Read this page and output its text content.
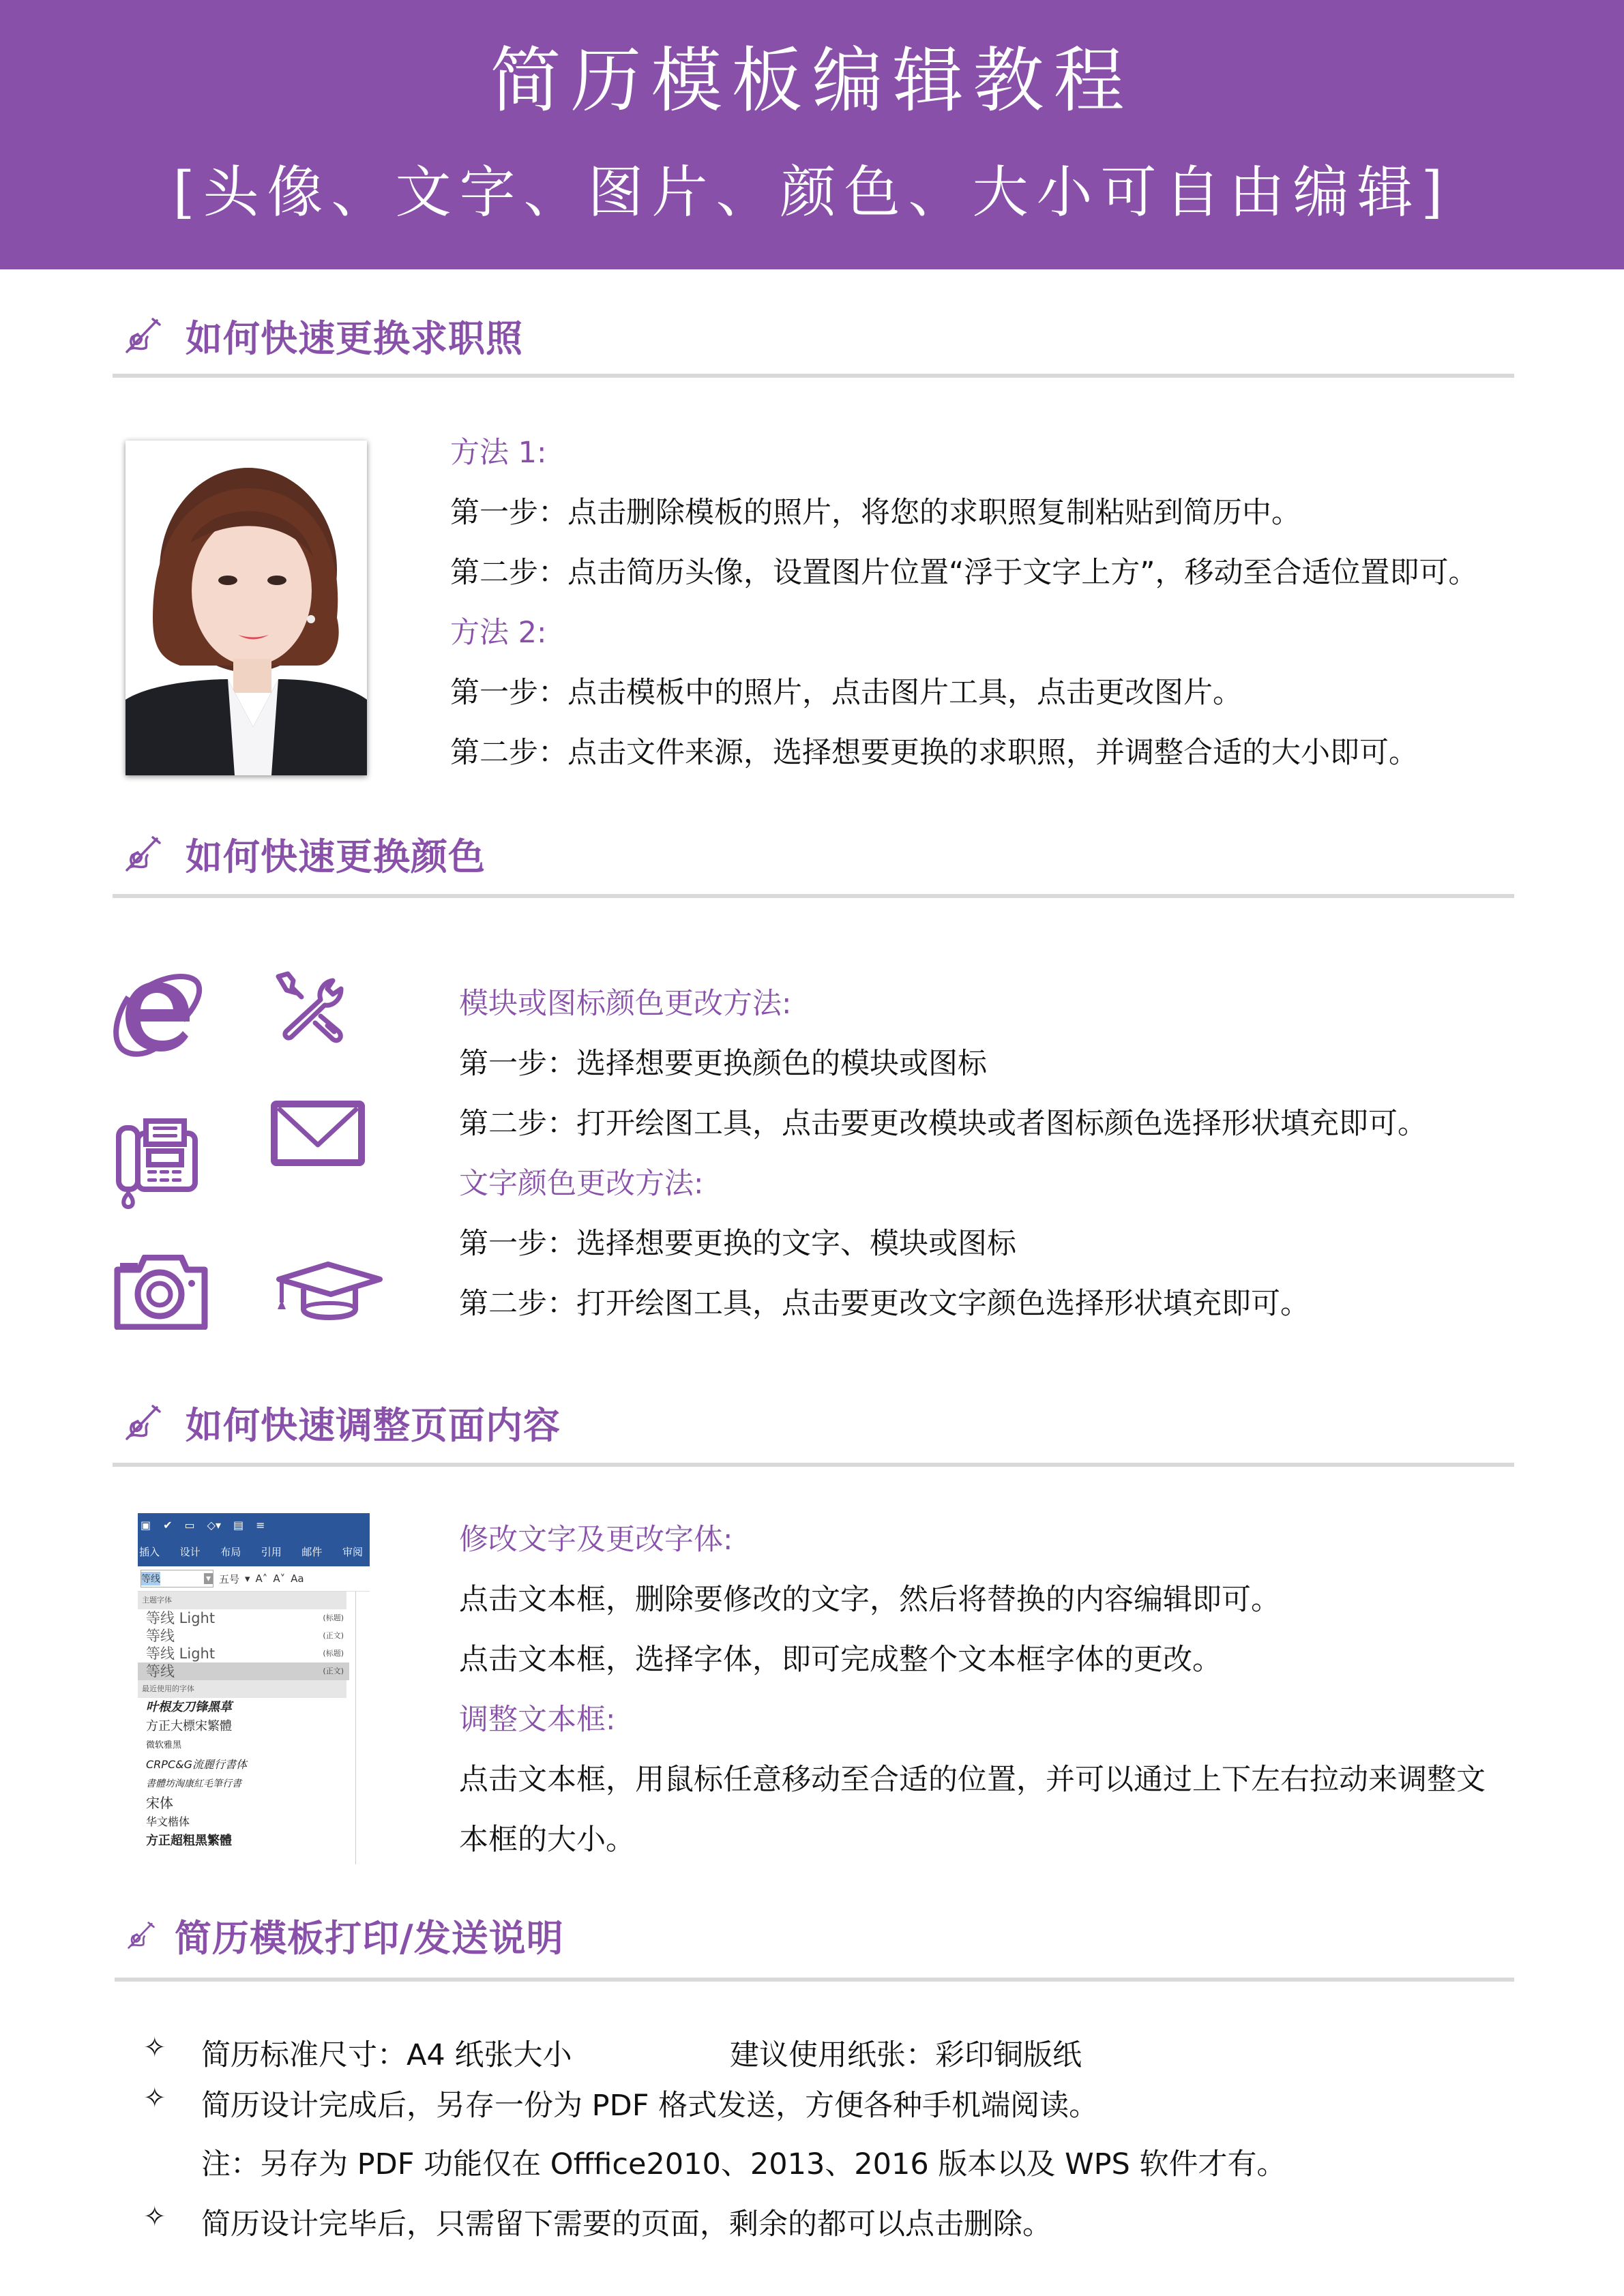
简历模板编辑教程
[头像、文字、图片、颜色、大小可自由编辑]
如何快速更换求职照
方法 1:
第一步：点击删除模板的照片，将您的求职照复制粘贴到简历中。
第二步：点击简历头像，设置图片位置“浮于文字上方”，移动至合适位置即可。
方法 2:
第一步：点击模板中的照片，点击图片工具，点击更改图片。
第二步：点击文件来源，选择想要更换的求职照，并调整合适的大小即可。
如何快速更换颜色
模块或图标颜色更改方法:
第一步：选择想要更换颜色的模块或图标
第二步：打开绘图工具，点击要更改模块或者图标颜色选择形状填充即可。
文字颜色更改方法:
第一步：选择想要更换的文字、模块或图标
第二步：打开绘图工具，点击要更改文字颜色选择形状填充即可。
如何快速调整页面内容
▣ ✔ ▭ ◇▾ ▤ ≡
插入 设计 布局 引用 邮件 审阅
等线	▾ 五号 ▾ A˄ A˅ Aa
主题字体
等线 Light	(标题)
等线	(正文)
等线 Light	(标题)
等线	(正文)
最近使用的字体
叶根友刀锋黑草
方正大標宋繁體
微软雅黑
CRPC&G流麗行書体
書體坊淘康紅毛筆行書
宋体
华文楷体
方正超粗黑繁體
修改文字及更改字体:
点击文本框，删除要修改的文字，然后将替换的内容编辑即可。
点击文本框，选择字体，即可完成整个文本框字体的更改。
调整文本框:
点击文本框，用鼠标任意移动至合适的位置，并可以通过上下左右拉动来调整文
本框的大小。
简历模板打印/发送说明
✧ 简历标准尺寸：A4 纸张大小	建议使用纸张：彩印铜版纸
✧ 简历设计完成后，另存一份为 PDF 格式发送，方便各种手机端阅读。
注：另存为 PDF 功能仅在 Offfice2010、2013、2016 版本以及 WPS 软件才有。
✧ 简历设计完毕后，只需留下需要的页面，剩余的都可以点击删除。
